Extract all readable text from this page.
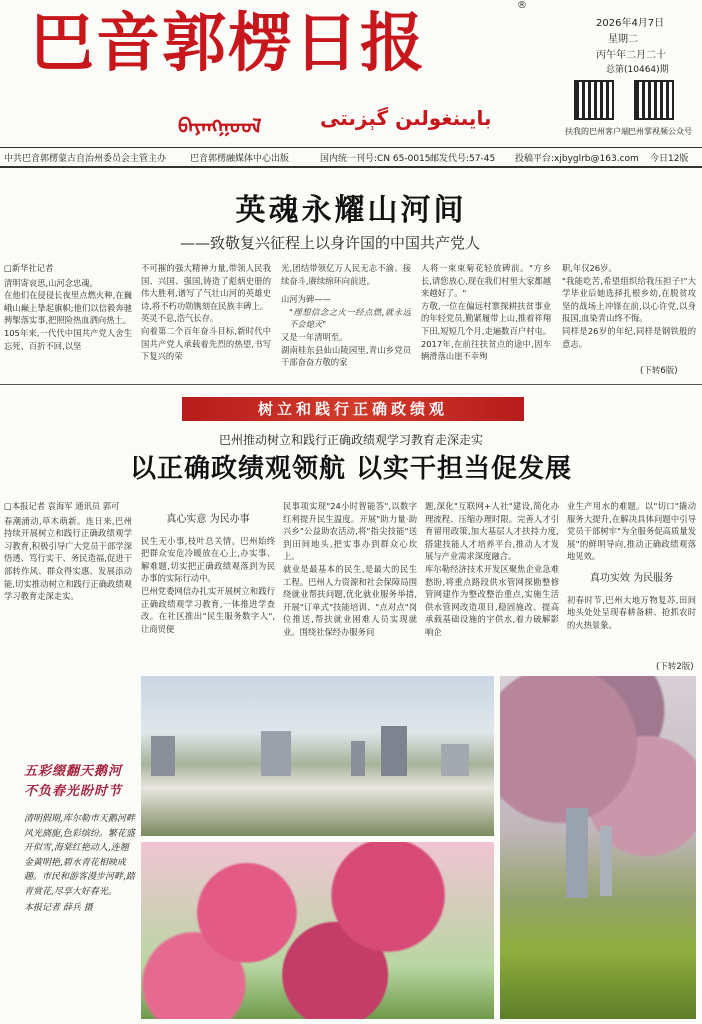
巴音郭楞日报
®
ᠪᠠᠶᠠᠩᠭᠣᠣᠯ	بايىنغولىن گېزىتى
2026年4月7日
星期二
丙午年二月二十
总第(10464)期
扶我的巴州客户端 巴州掌视频公众号
中共巴音郭楞蒙古自治州委员会主管主办	巴音郭楞融媒体中心出版	国内统一刊号:CN 65-0015 邮发代号:57-45 投稿平台:xjbyglrb@163.com 今日12版
英魂永耀山河间
——致敬复兴征程上以身许国的中国共产党人

□新华社记者

清明寄哀思,山河念忠魂。
在他们在侵侵长夜里点燃火种,在巍峨山巅上挚起旗帜;他们以信毅奔驰骋掣落实事,把照险热血洒向热土。
105年来,一代代中国共产党人舍生忘死、百折不回,以坚

不可摧的强大精神力量,带领人民我国、兴国、强国,铸造了彪炳史册的伟大胜利,谱写了气壮山河的英雄史诗,将不朽功勋镌刻在民族丰碑上。
英灵不息,浩气长存。
向着第二个百年奋斗目标,新时代中国共产党人承载着先烈的热望,书写下复兴的荣

光,团结带领亿万人民无志不渝、接续奋斗,赓续绵环向前进。

山河为碑——

"理想信念之火一经点燃,就永远不会熄灭"

又是一年清明至。
湖南桂东县仙山陵园里,青山乡党员干部奋奋方敬的家

人将一束束菊花轻放碑前。"方乡长,请您放心,现在我们村里大家都越来越好了。"
方敬,一位在偏远村寨探耕扶贫事业的年轻党员,勤紧履带上山,推着祥翔下田,短短几个月,走遍数百户村屯。2017年,在前往扶贫点的途中,因车辆滑落山崖不幸殉
职,年仅26岁。
"我能吃苦,希望组织给我压担子!"大学毕业后她选择扎根乡幼,在脱贫攻坚的战场上冲锋在前,以心许党,以身报国,血染青山终不悔。
同样是26岁的年纪,同样是钢铁般的意志。
(下转6版)
树立和践行正确政绩观
巴州推动树立和践行正确政绩观学习教育走深走实
以正确政绩观领航 以实干担当促发展

□本报记者 袁海军 通讯员 郭可

春潮涌动,草木萌新。连日来,巴州持续开展树立和践行正确政绩观学习教育,积极引导广大党员干部学深悟透、笃行实干、务民造福,促进干部转作风、群众得实惠、发展添动能,切实推动树立和践行正确政绩观学习教育走深走实。

真心实意 为民办事

民生无小事,枝叶总关情。巴州始终把群众安危冷暖放在心上,办实事、解难题,切实把正确政绩观落到为民办事的实际行动中。
巴州党委网信办扎实开展树立和践行正确政绩观学习教育,一体推进学查改。在社区推出"民生服务数字人",让商贸便

民事项实现"24小时智能答",以数字红利提升民生温度。开展"助力量·助兴乡"公益助农活动,将"指尖技能"送到田间地头,把实事办到群众心坎上。
就业是最基本的民生,是最大的民生工程。巴州人力资源和社会保障局围绕就业帮扶问题,优化就业服务举措,开展"订单式"技能培训、"点对点"岗位推送,帮扶就业困难人员实现就业。围绕社保经办服务问
题,深化"互联网+人社"建设,简化办理流程、压缩办理时限。完善人才引育留用政策,加大基层人才扶持力度,搭建技能人才培养平台,推动人才发展与产业需求深度融合。
库尔勒经济技术开发区聚焦企业急难愁盼,将重点路段供水管网探勘整修管网建作为整改整治重点,实施生活供水管网改造项目,稳固施改、提高承载基础设施的宇供水,着力破解影响企

业生产用水的难题。以"切口"撬动服务大提升,在解决具体问题中引导党员干部树牢"为全服务促高质量发展"的鲜明导向,推动正确政绩观落地见效。

真功实效 为民服务

初春时节,巴州大地万物复苏,田间地头处处呈现春耕备耕、抢抓农时的火热景象。

(下转2版)
五彩缀翻天鹅河
不负春光盼时节
清明假期,库尔勒市天鹅河畔风光旖旎,色彩缤纷。繁花盛开似雪,海棠红艳动人,连翘金黄明艳,碧水青花相映成趣。市民和游客漫步河畔,踏青赏花,尽享大好春光。
本报记者 薛兵 摄
